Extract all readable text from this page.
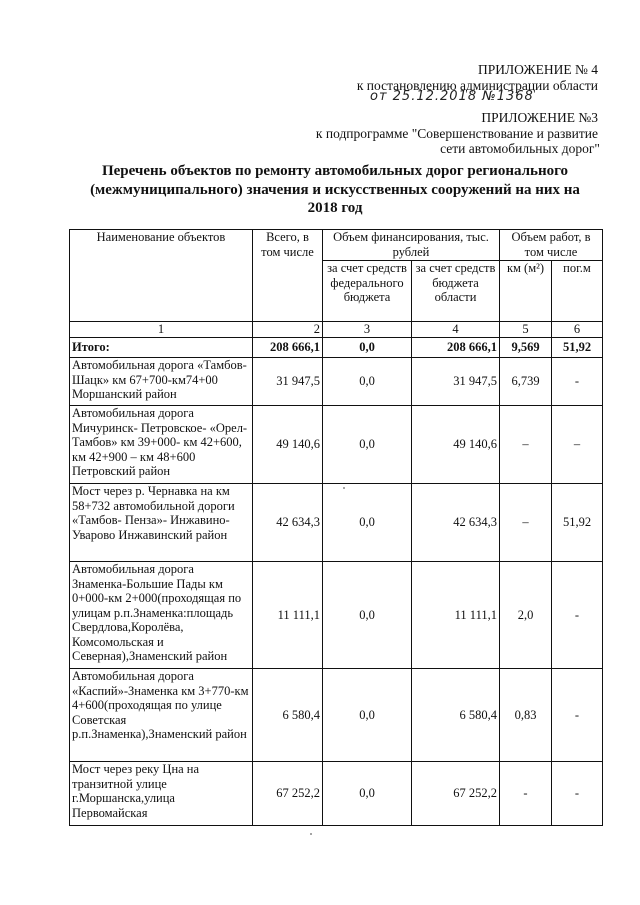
ПРИЛОЖЕНИЕ № 4
к постановлению администрации области
от 25.12.2018 №1368
ПРИЛОЖЕНИЕ №3
к подпрограмме "Совершенствование и развитие
сети автомобильных дорог"
Перечень объектов по ремонту автомобильных дорог регионального
(межмуниципального) значения и искусственных сооружений на них на
2018 год
Наименование объектов	Всего, в том числе	Объем финансирования, тыс. рублей		Объем работ, в том числе	
		за счет средств федерального бюджета	за счет средств бюджета области	км (м²)	пог.м
1	2	3	4	5	6
Итого:	208 666,1	0,0	208 666,1	9,569	51,92
Автомобильная дорога «Тамбов-Шацк» км 67+700-км74+00 Моршанский район	31 947,5	0,0	31 947,5	6,739	-
Автомобильная дорога Мичуринск- Петровское- «Орел- Тамбов» км 39+000- км 42+600, км 42+900 – км 48+600 Петровский район	49 140,6	0,0	49 140,6	–	–
Мост через р. Чернавка на км 58+732 автомобильной дороги «Тамбов- Пенза»- Инжавино- Уварово Инжавинский район	42 634,3	0,0	42 634,3	–	51,92
Автомобильная дорога Знаменка-Большие Пады км 0+000-км 2+000(проходящая по улицам р.п.Знаменка:площадь Свердлова,Королёва, Комсомольская и Северная),Знаменский район	11 111,1	0,0	11 111,1	2,0	-
Автомобильная дорога «Каспий»-Знаменка км 3+770-км 4+600(проходящая по улице Советская р.п.Знаменка),Знаменский район	6 580,4	0,0	6 580,4	0,83	-
Мост через реку Цна на транзитной улице г.Моршанска,улица Первомайская	67 252,2	0,0	67 252,2	-	-
